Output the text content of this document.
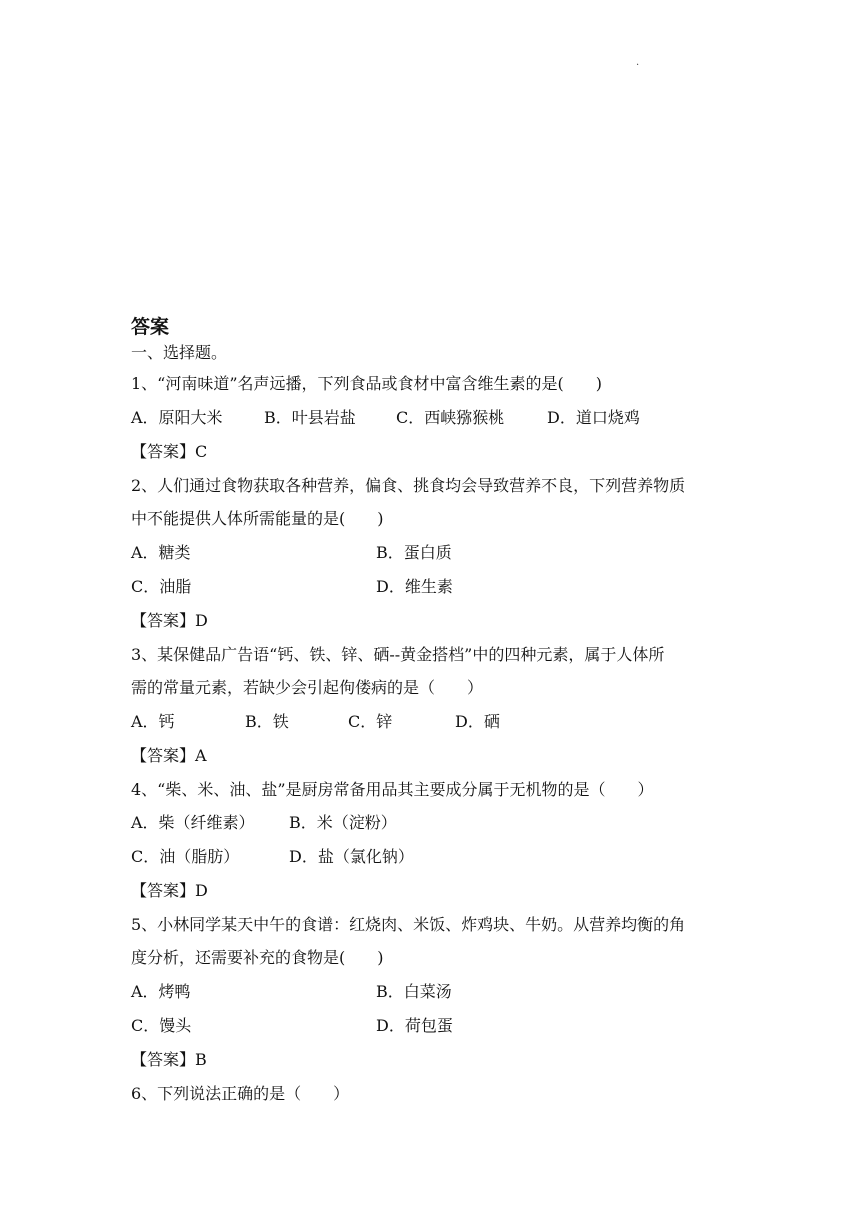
.
答案
一、选择题。
1、“河南味道”名声远播，下列食品或食材中富含维生素的是(　　)
A．原阳大米	B．叶县岩盐	C．西峡猕猴桃	D．道口烧鸡
【答案】C
2、人们通过食物获取各种营养，偏食、挑食均会导致营养不良，下列营养物质
中不能提供人体所需能量的是(　　)
A．糖类	B．蛋白质
C．油脂	D．维生素
【答案】D
3、某保健品广告语“钙、铁、锌、硒--黄金搭档”中的四种元素，属于人体所
需的常量元素，若缺少会引起佝偻病的是（　　）
A．钙	B．铁	C．锌	D．硒
【答案】A
4、“柴、米、油、盐”是厨房常备用品其主要成分属于无机物的是（　　）
A．柴（纤维素） B．米（淀粉）
C．油（脂肪）	D．盐（氯化钠）
【答案】D
5、小林同学某天中午的食谱：红烧肉、米饭、炸鸡块、牛奶。从营养均衡的角
度分析，还需要补充的食物是(　　)
A．烤鸭	B．白菜汤
C．馒头	D．荷包蛋
【答案】B
6、下列说法正确的是（　　）
